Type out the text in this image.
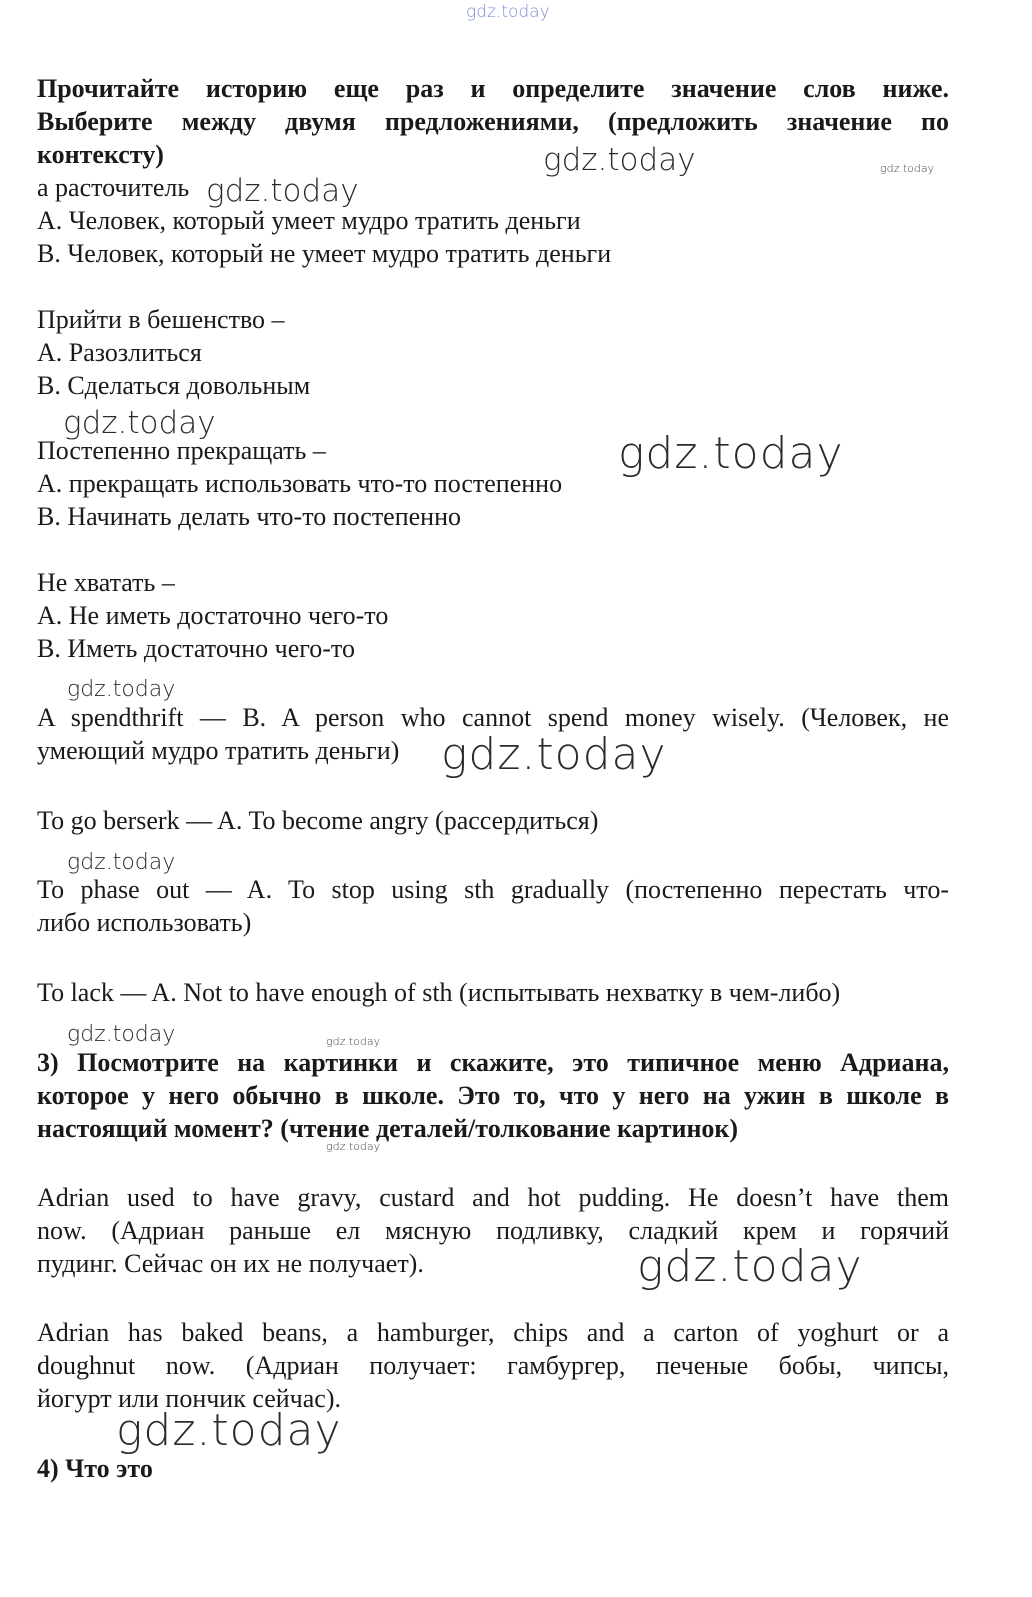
Прочитайте историю еще раз и определите значение слов ниже.
Выберите между двумя предложениями, (предложить значение по
контексту)
а расточитель
А. Человек, который умеет мудро тратить деньги
В. Человек, который не умеет мудро тратить деньги
Прийти в бешенство –
А. Разозлиться
В. Сделаться довольным
Постепенно прекращать –
А. прекращать использовать что-то постепенно
В. Начинать делать что-то постепенно
Не хватать –
А. Не иметь достаточно чего-то
В. Иметь достаточно чего-то
A spendthrift — B. A person who cannot spend money wisely. (Человек, не
умеющий мудро тратить деньги)
To go berserk — A. To become angry (рассердиться)
To phase out — A. To stop using sth gradually (постепенно перестать что-
либо использовать)
To lack — A. Not to have enough of sth (испытывать нехватку в чем-либо)
3) Посмотрите на картинки и скажите, это типичное меню Адриана,
которое у него обычно в школе. Это то, что у него на ужин в школе в
настоящий момент? (чтение деталей/толкование картинок)
Adrian used to have gravy, custard and hot pudding. He doesn’t have them
now. (Адриан раньше ел мясную подливку, сладкий крем и горячий
пудинг. Сейчас он их не получает).
Adrian has baked beans, a hamburger, chips and a carton of yoghurt or a
doughnut now. (Адриан получает: гамбургер, печеные бобы, чипсы,
йогурт или пончик сейчас).
4) Что это
gdz.today
gdz.today	gdz.today
gdz.today
gdz.today
gdz.today
gdz.today
gdz.today
gdz.today
gdz.today	gdz.today
gdz.today
gdz.today
gdz.today
